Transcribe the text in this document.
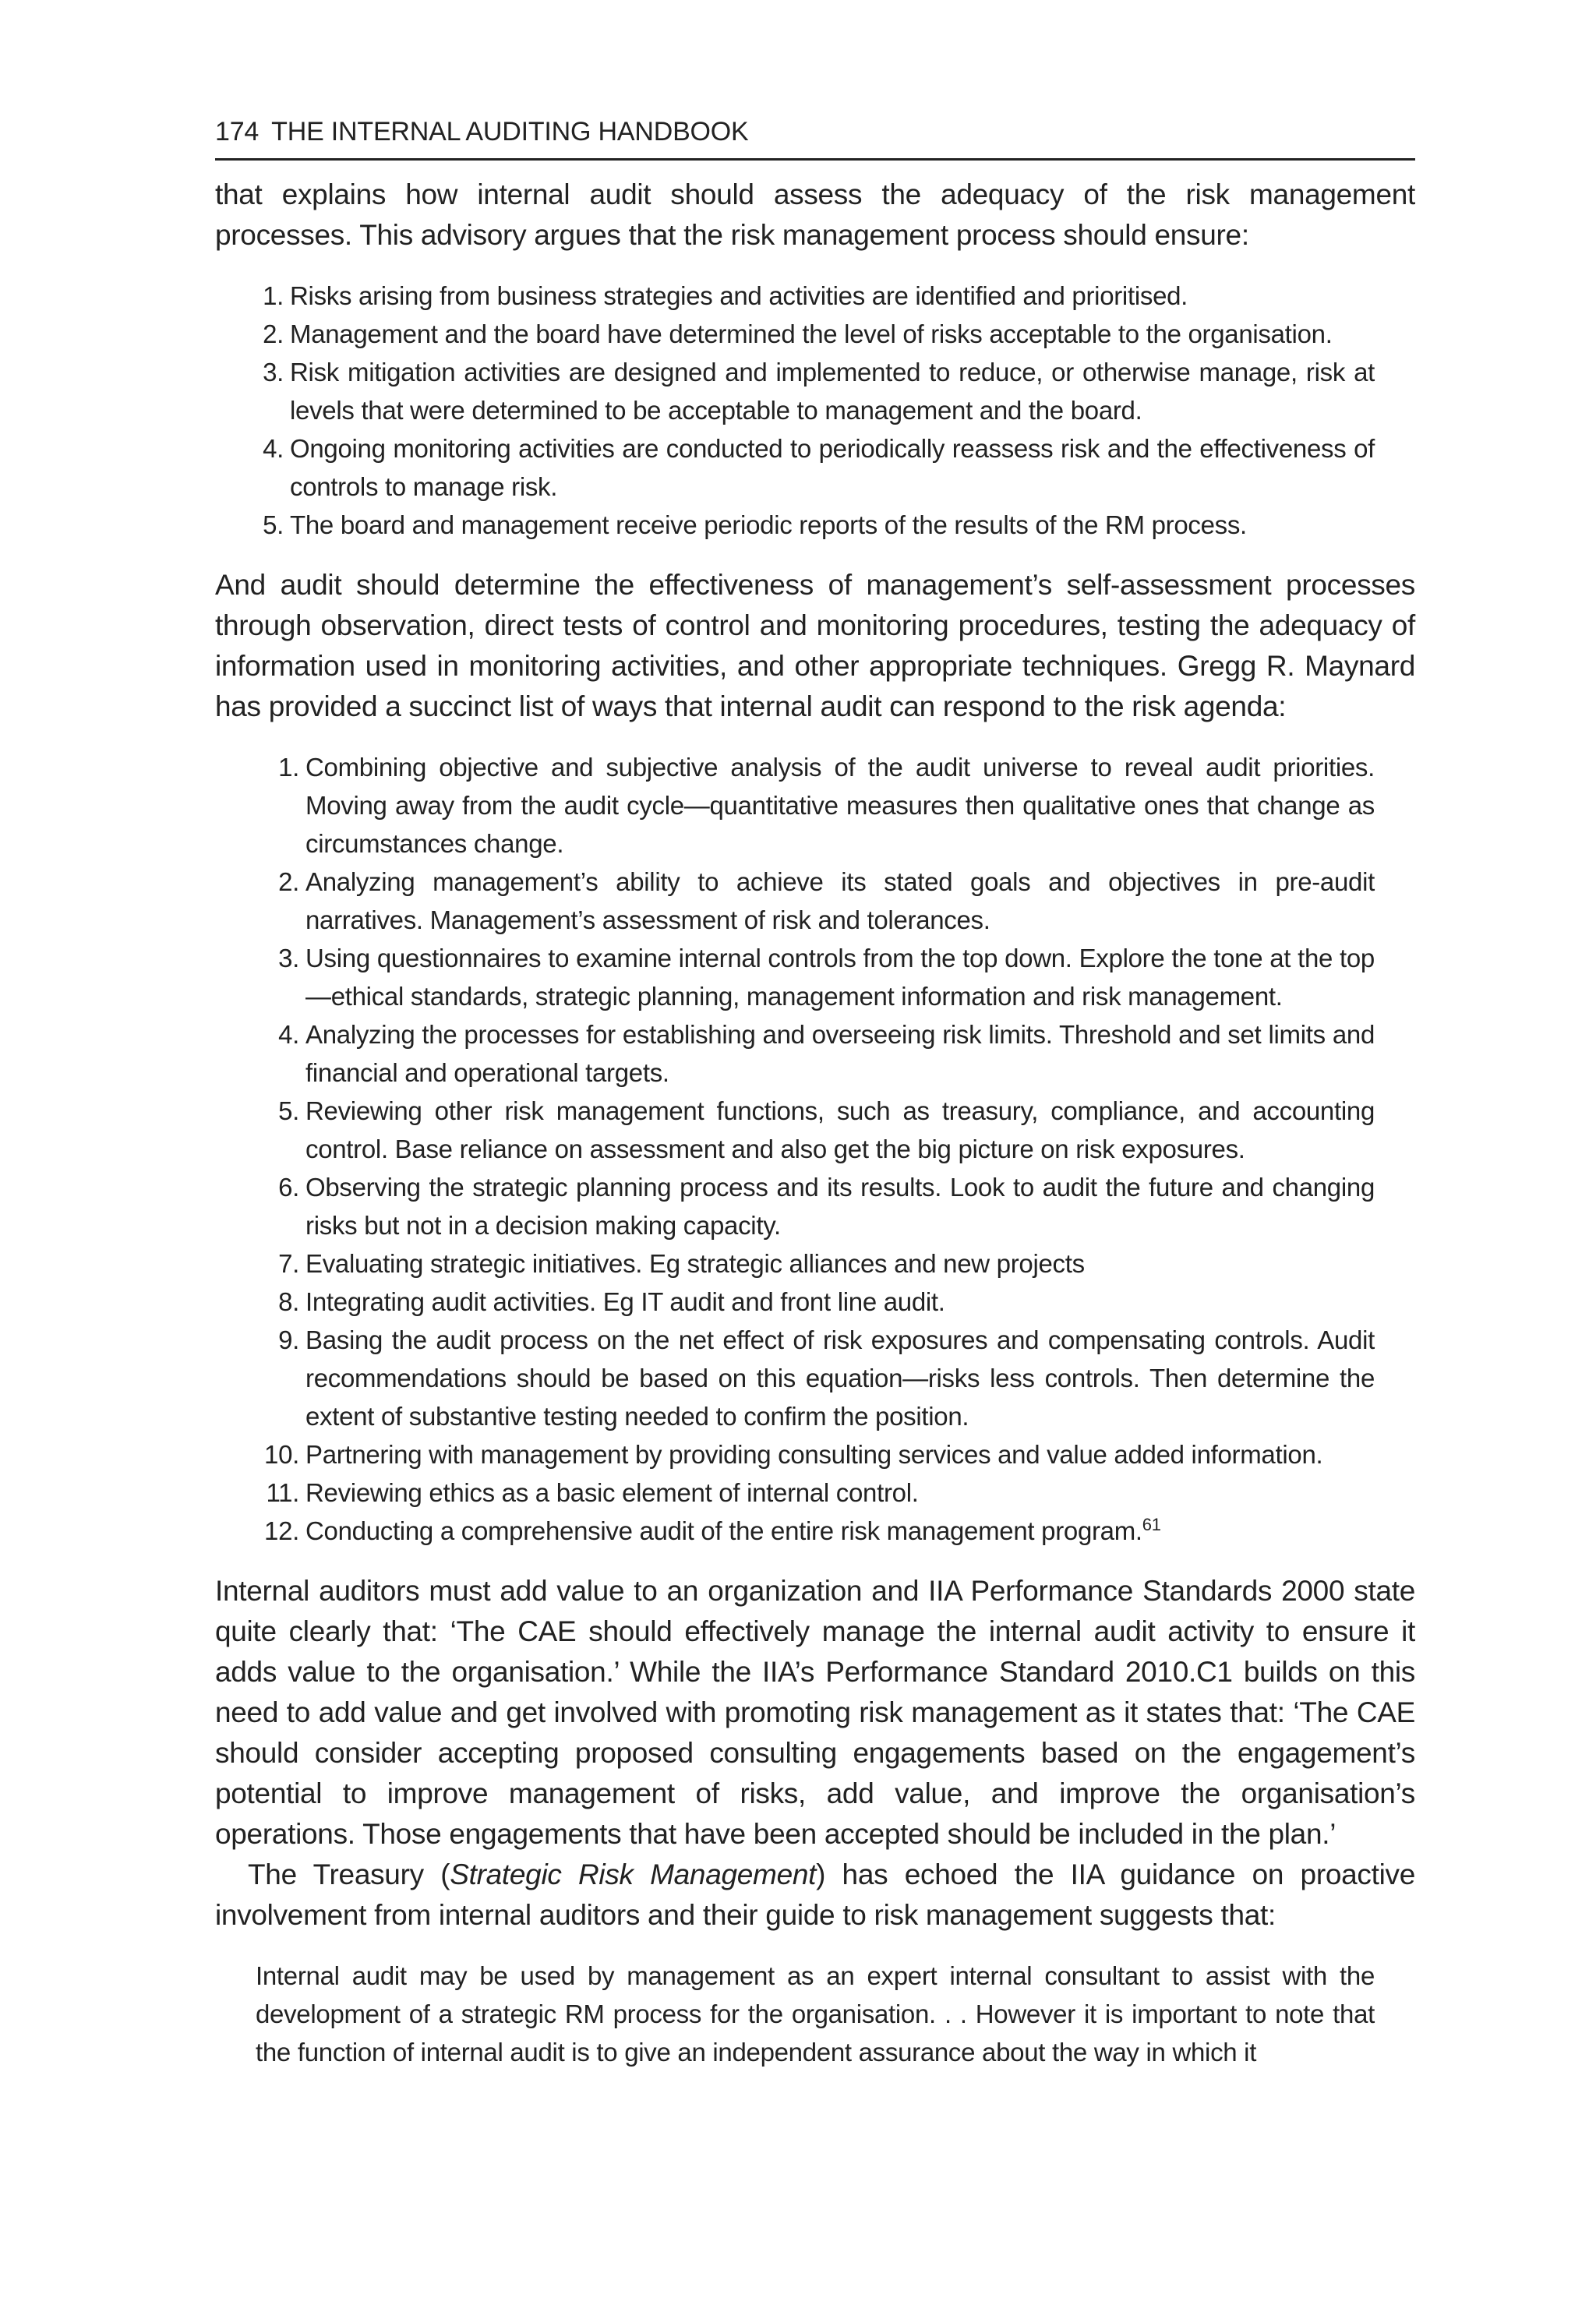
174 THE INTERNAL AUDITING HANDBOOK

that explains how internal audit should assess the adequacy of the risk management processes. This advisory argues that the risk management process should ensure:

1. Risks arising from business strategies and activities are identified and prioritised.
2. Management and the board have determined the level of risks acceptable to the organisation.
3. Risk mitigation activities are designed and implemented to reduce, or otherwise manage, risk at levels that were determined to be acceptable to management and the board.
4. Ongoing monitoring activities are conducted to periodically reassess risk and the effectiveness of controls to manage risk.
5. The board and management receive periodic reports of the results of the RM process.

And audit should determine the effectiveness of management’s self-assessment processes through observation, direct tests of control and monitoring procedures, testing the adequacy of information used in monitoring activities, and other appropriate techniques. Gregg R. Maynard has provided a succinct list of ways that internal audit can respond to the risk agenda:

1. Combining objective and subjective analysis of the audit universe to reveal audit priorities. Moving away from the audit cycle—quantitative measures then qualitative ones that change as circumstances change.
2. Analyzing management’s ability to achieve its stated goals and objectives in pre-audit narratives. Management’s assessment of risk and tolerances.
3. Using questionnaires to examine internal controls from the top down. Explore the tone at the top—ethical standards, strategic planning, management information and risk management.
4. Analyzing the processes for establishing and overseeing risk limits. Threshold and set limits and financial and operational targets.
5. Reviewing other risk management functions, such as treasury, compliance, and accounting control. Base reliance on assessment and also get the big picture on risk exposures.
6. Observing the strategic planning process and its results. Look to audit the future and changing risks but not in a decision making capacity.
7. Evaluating strategic initiatives. Eg strategic alliances and new projects
8. Integrating audit activities. Eg IT audit and front line audit.
9. Basing the audit process on the net effect of risk exposures and compensating controls. Audit recommendations should be based on this equation—risks less controls. Then determine the extent of substantive testing needed to confirm the position.
10. Partnering with management by providing consulting services and value added information.
11. Reviewing ethics as a basic element of internal control.
12. Conducting a comprehensive audit of the entire risk management program.$^{61}$

Internal auditors must add value to an organization and IIA Performance Standards 2000 state quite clearly that: ‘The CAE should effectively manage the internal audit activity to ensure it adds value to the organisation.’ While the IIA’s Performance Standard 2010.C1 builds on this need to add value and get involved with promoting risk management as it states that: ‘The CAE should consider accepting proposed consulting engagements based on the engagement’s potential to improve management of risks, add value, and improve the organisation’s operations. Those engagements that have been accepted should be included in the plan.’

The Treasury (Strategic Risk Management) has echoed the IIA guidance on proactive involvement from internal auditors and their guide to risk management suggests that:

Internal audit may be used by management as an expert internal consultant to assist with the development of a strategic RM process for the organisation. . . However it is important to note that the function of internal audit is to give an independent assurance about the way in which it
